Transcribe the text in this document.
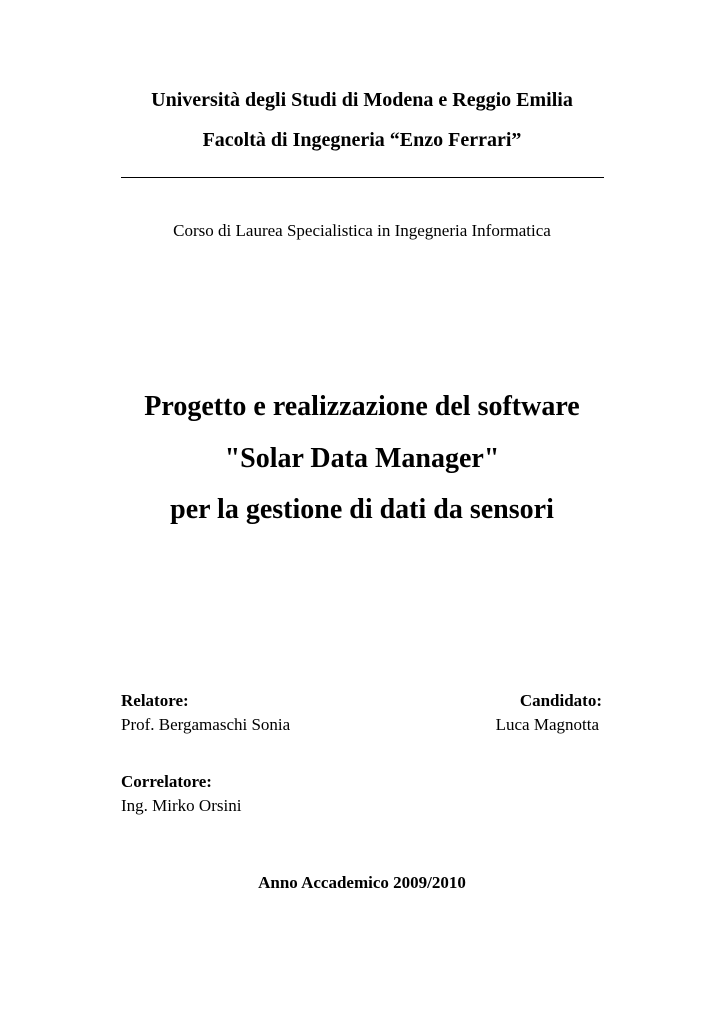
Università degli Studi di Modena e Reggio Emilia
Facoltà di Ingegneria “Enzo Ferrari”
Corso di Laurea Specialistica in Ingegneria Informatica
Progetto e realizzazione del software
"Solar Data Manager"
per la gestione di dati da sensori
Relatore:
Prof. Bergamaschi Sonia
Candidato:
Luca Magnotta
Correlatore:
Ing. Mirko Orsini
Anno Accademico 2009/2010
